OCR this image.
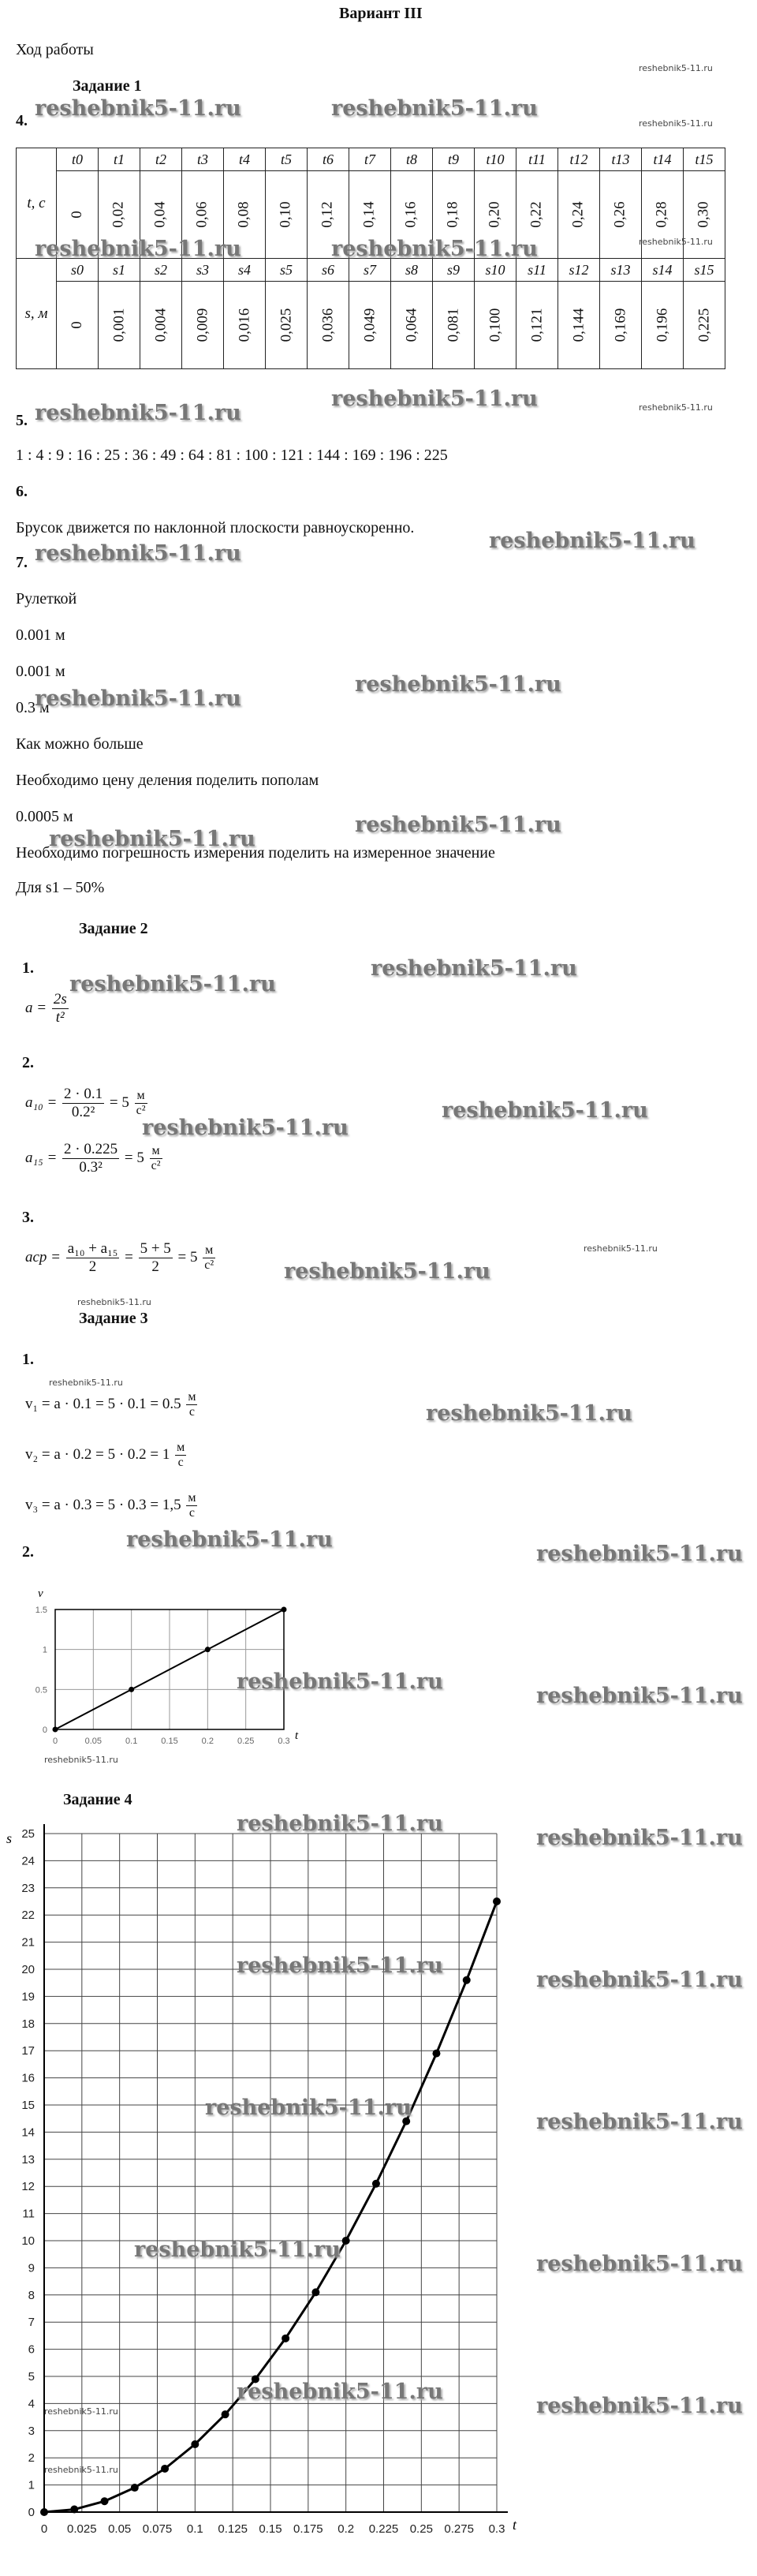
Вариант III
Ход работы
Задание 1
4.
t, c	t0	t1	t2	t3	t4	t5	t6	t7	t8	t9	t10	t11	t12	t13	t14	t15
	0	0,02	0,04	0,06	0,08	0,10	0,12	0,14	0,16	0,18	0,20	0,22	0,24	0,26	0,28	0,30
s, м	s0	s1	s2	s3	s4	s5	s6	s7	s8	s9	s10	s11	s12	s13	s14	s15
	0	0,001	0,004	0,009	0,016	0,025	0,036	0,049	0,064	0,081	0,100	0,121	0,144	0,169	0,196	0,225
5.
1 : 4 : 9 : 16 : 25 : 36 : 49 : 64 : 81 : 100 : 121 : 144 : 169 : 196 : 225
6.
Брусок движется по наклонной плоскости равноускоренно.
7.
Рулеткой
0.001 м
0.001 м
0.3 м
Как можно больше
Необходимо цену деления поделить пополам
0.0005 м
Необходимо погрешность измерения поделить на измеренное значение
Для s1 – 50%
Задание 2
1.
$a = \frac{2s}{\text{t²}}$
2.
$a_{10} = \frac{2 \cdot 0.1}{\text{0.2²}} = 5 \frac{м}{\text{с²}}$
$a_{15} = \frac{2 \cdot 0.225}{\text{0.3²}} = 5 \frac{м}{\text{с²}}$
3.
aср = $\frac{\text{a₁₀ + a₁₅}}{2} = \frac{5 + 5}{2} = 5 \frac{м}{\text{с²}}$
Задание 3
1.
$v_1 = a \cdot 0.1 = 5 \cdot 0.1 = 0.5 \frac{м}{с}$
$v_2 = a \cdot 0.2 = 5 \cdot 0.2 = 1 \frac{м}{с}$
$v_3 = a \cdot 0.3 = 5 \cdot 0.3 = 1,5 \frac{м}{с}$
2.
0	0.05	0.1	0.15	0.2	0.25	0.3
0
0.5
1
1.5
t
v
Задание 4
0 0.025 0.05 0.075 0.1 0.125 0.15 0.175 0.2 0.225 0.25 0.275 0.3
0
1
2
3
4
5
6
7
8
9
10
11
12
13
14
15
16
17
18
19
20
21
22
23
24
25
t
s
reshebnik5-11.ru	reshebnik5-11.ru
reshebnik5-11.ru	reshebnik5-11.ru
reshebnik5-11.ru
reshebnik5-11.ru
reshebnik5-11.ru
reshebnik5-11.ru
reshebnik5-11.ru
reshebnik5-11.ru
reshebnik5-11.ru
reshebnik5-11.ru
reshebnik5-11.ru
reshebnik5-11.ru
reshebnik5-11.ru
reshebnik5-11.ru
reshebnik5-11.ru
reshebnik5-11.ru
reshebnik5-11.ru
reshebnik5-11.ru
reshebnik5-11.ru
reshebnik5-11.ru
reshebnik5-11.ru
reshebnik5-11.ru
reshebnik5-11.ru
reshebnik5-11.ru
reshebnik5-11.ru
reshebnik5-11.ru
reshebnik5-11.ru
reshebnik5-11.ru
reshebnik5-11.ru
reshebnik5-11.ru
reshebnik5-11.ru
reshebnik5-11.ru
reshebnik5-11.ru
reshebnik5-11.ru
reshebnik5-11.ru
reshebnik5-11.ru
reshebnik5-11.ru
reshebnik5-11.ru
reshebnik5-11.ru
reshebnik5-11.ru
